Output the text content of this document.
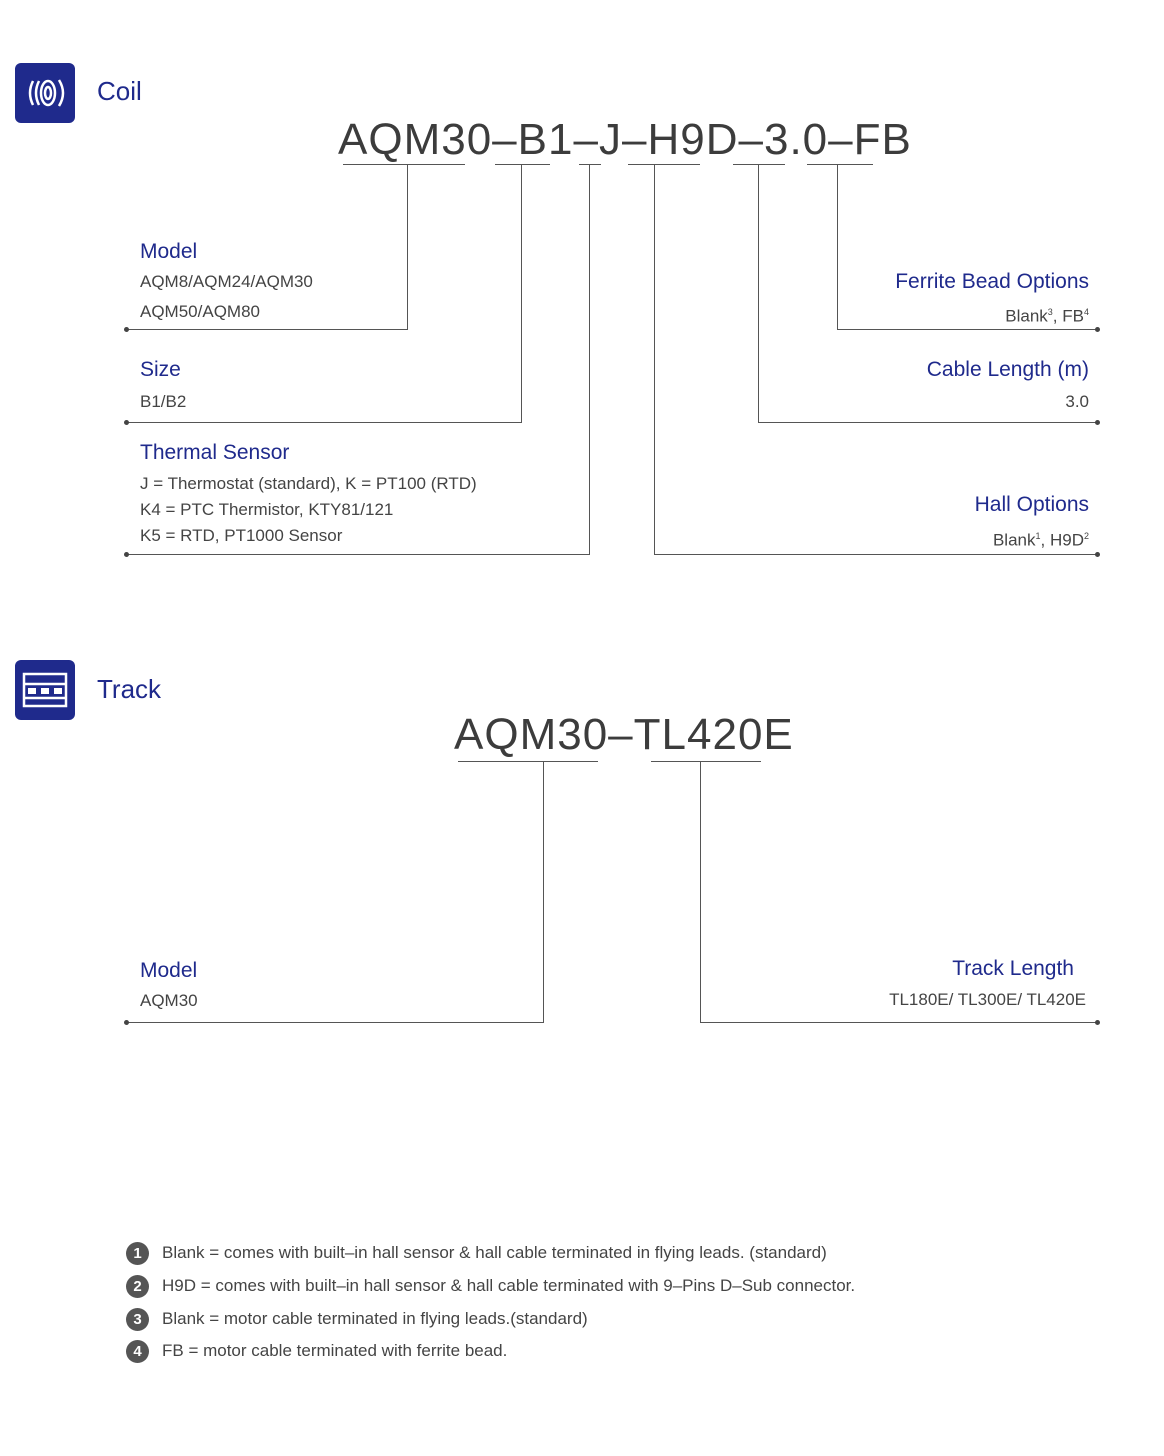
Coil
AQM30–B1–J–H9D–3.0–FB
Model
AQM8/AQM24/AQM30
AQM50/AQM80
Size
B1/B2
Thermal Sensor
J = Thermostat (standard), K = PT100 (RTD)
K4 = PTC Thermistor, KTY81/121
K5 = RTD, PT1000 Sensor
Ferrite Bead Options
Blank$^3$, $FB^4$
Cable Length (m)
3.0
Hall Options
Blank$^1$, $H9D^2$
Track
AQM30–TL420E
Model
AQM30
Track Length
TL180E/ TL300E/ TL420E
1	Blank = comes with built–in hall sensor & hall cable terminated in flying leads. (standard)
2	H9D = comes with built–in hall sensor & hall cable terminated with 9–Pins D–Sub connector.
3	Blank = motor cable terminated in flying leads.(standard)
4	FB = motor cable terminated with ferrite bead.
